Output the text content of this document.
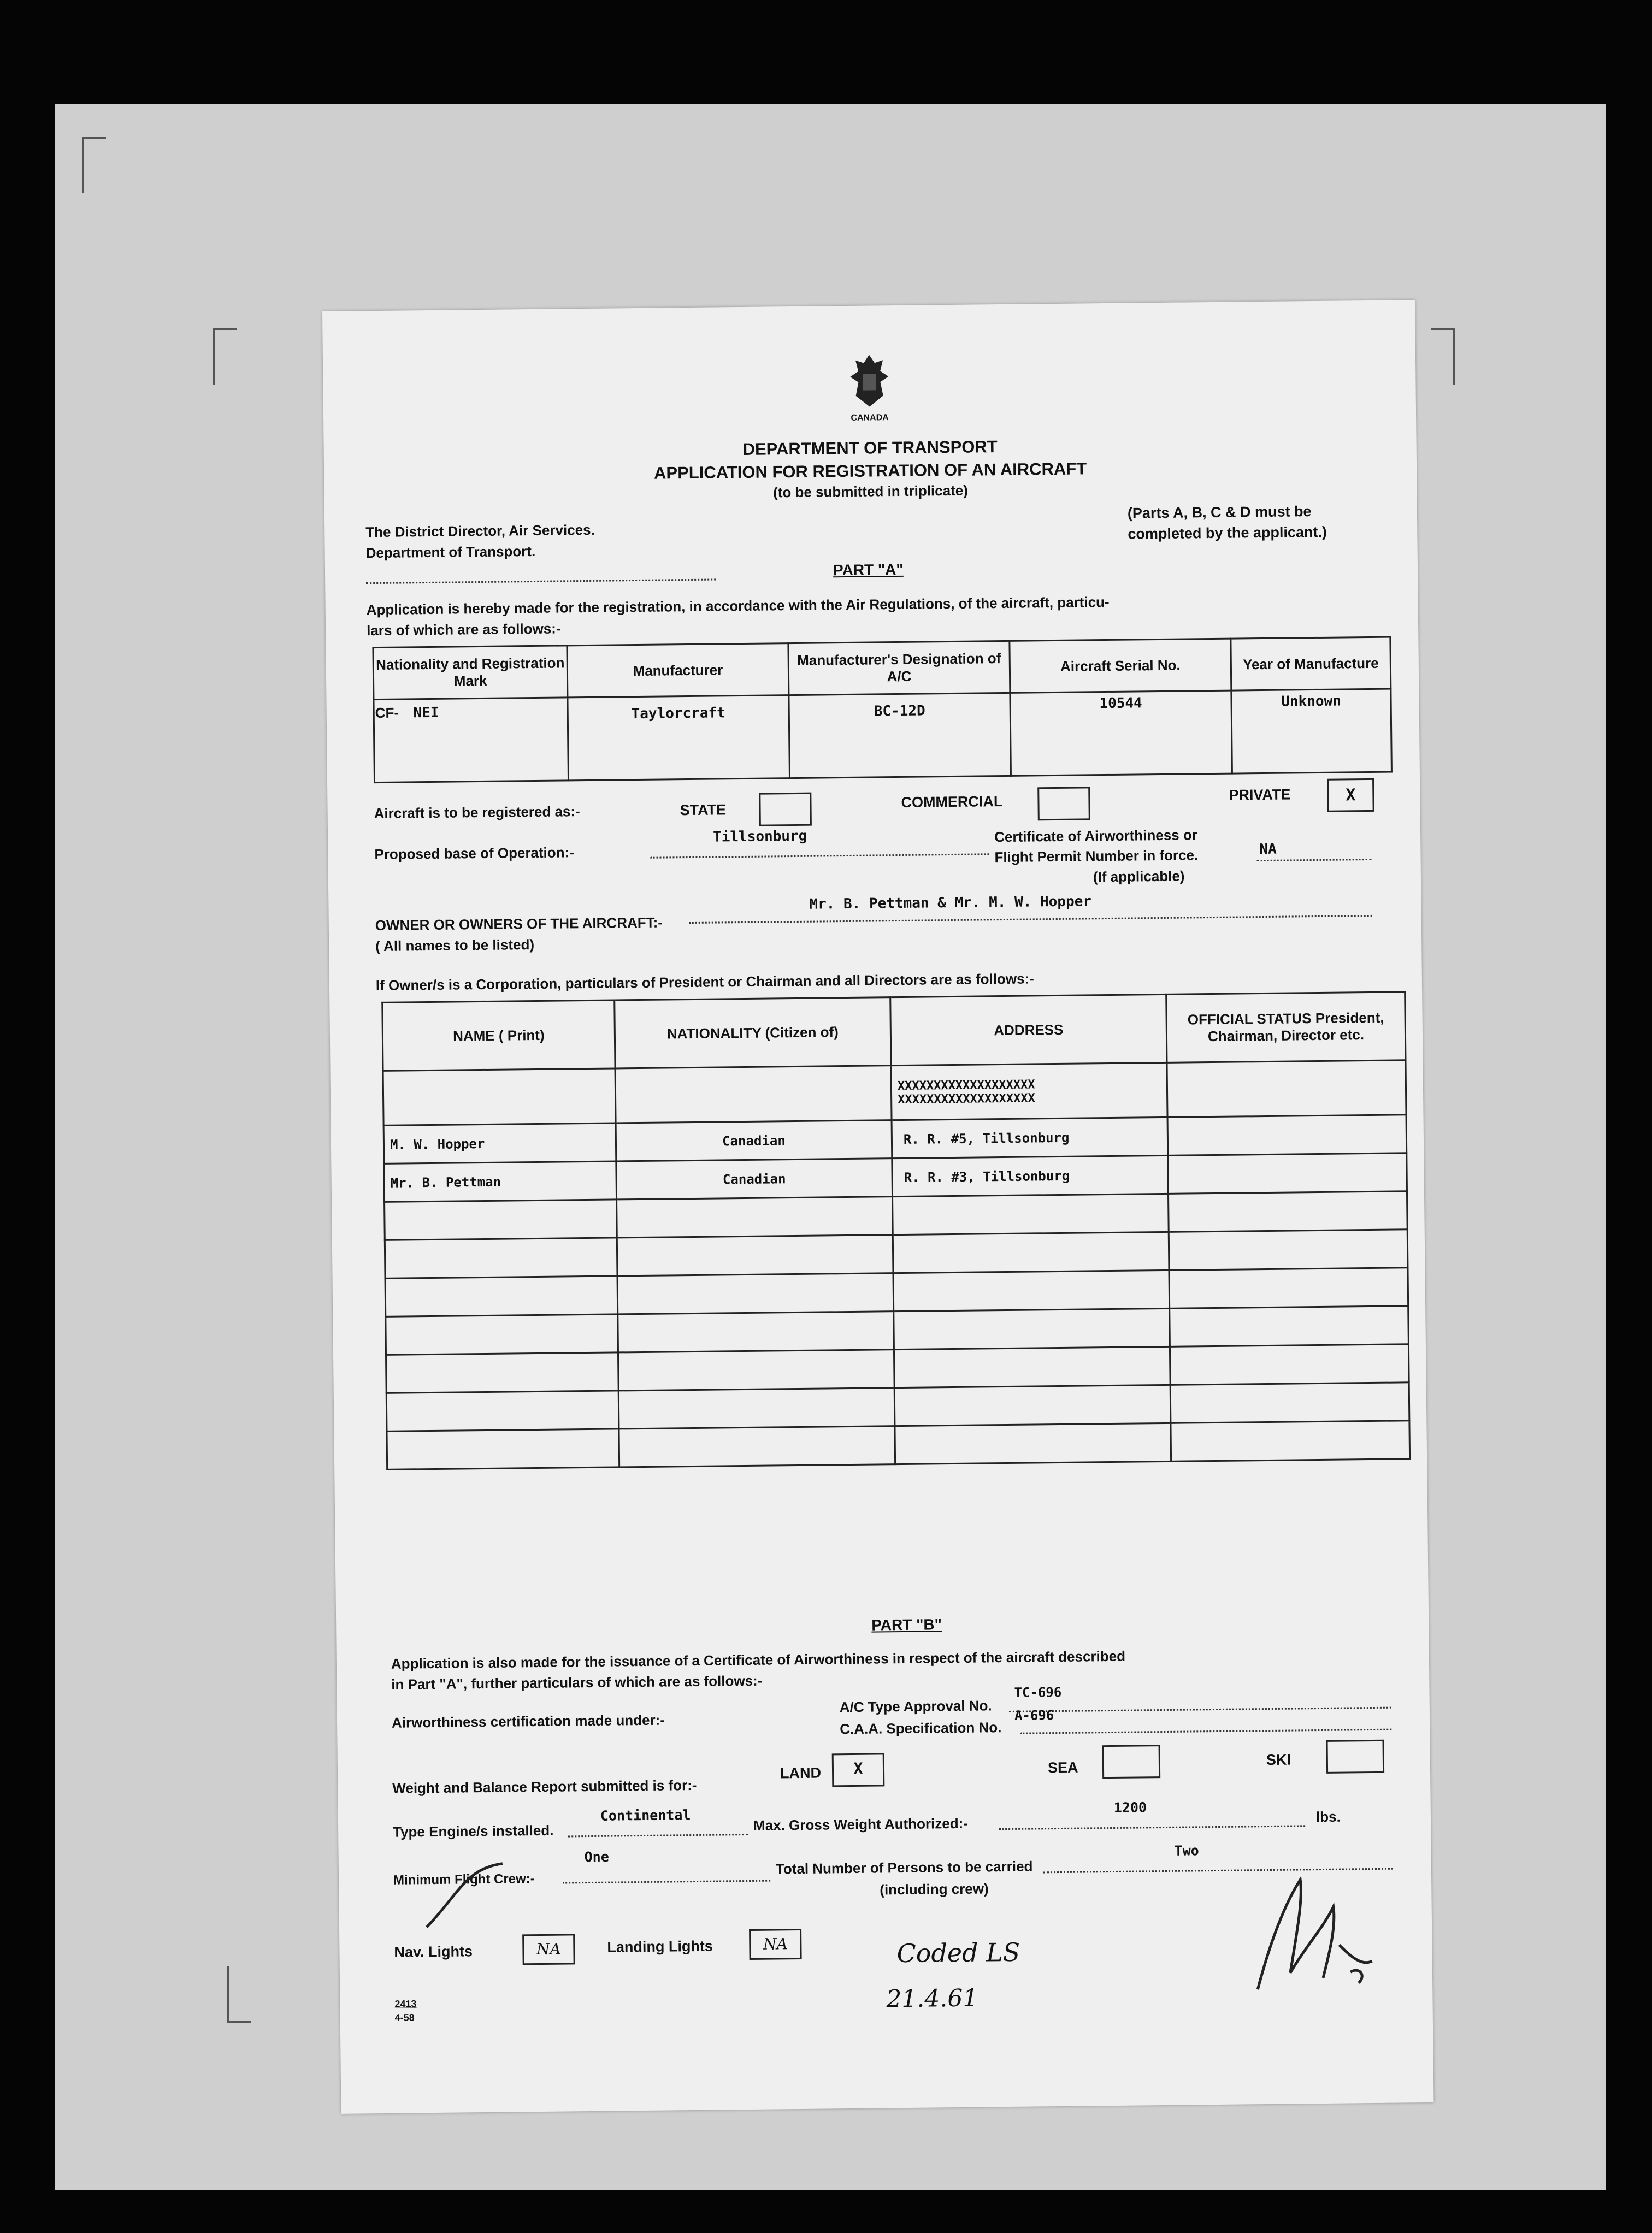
CANADA
DEPARTMENT OF TRANSPORT
APPLICATION FOR REGISTRATION OF AN AIRCRAFT
(to be submitted in triplicate)
The District Director, Air Services.
Department of Transport.
(Parts A, B, C & D must be
completed by the applicant.)
PART "A"
Application is hereby made for the registration, in accordance with the Air Regulations, of the aircraft, particu-
lars of which are as follows:-
Nationality and Registration Mark	Manufacturer	Manufacturer's Designation of A/C	Aircraft Serial No.	Year of Manufacture
CF- NEI	Taylorcraft	BC-12D	10544	Unknown
Aircraft is to be registered as:-	STATE	COMMERCIAL	PRIVATE	X
Proposed base of Operation:-
Tillsonburg	Certificate of Airworthiness or
Flight Permit Number in force.	NA
(If applicable)
OWNER OR OWNERS OF THE AIRCRAFT:-
Mr. B. Pettman & Mr. M. W. Hopper
( All names to be listed)
If Owner/s is a Corporation, particulars of President or Chairman and all Directors are as follows:-
NAME ( Print)	NATIONALITY (Citizen of)	ADDRESS	OFFICIAL STATUS President, Chairman, Director etc.

		XXXXXXXXXXXXXXXXXXX
XXXXXXXXXXXXXXXXXXX	

M. W. Hopper	Canadian	R. R. #5, Tillsonburg	
Mr. B. Pettman	Canadian	R. R. #3, Tillsonburg	

PART "B"
Application is also made for the issuance of a Certificate of Airworthiness in respect of the aircraft described
in Part "A", further particulars of which are as follows:-
Airworthiness certification made under:-
A/C Type Approval No.
TC-696
C.A.A. Specification No.
A-696
Weight and Balance Report submitted is for:-
LAND	X	SEA	SKI
Type Engine/s installed.
Continental	Max. Gross Weight Authorized:-
1200
lbs.
Minimum Flight Crew:-
One
Total Number of Persons to be carried
Two
(including crew)
Nav. Lights	NA	Landing Lights	NA	Coded LS
21.4.61
2413
4-58
